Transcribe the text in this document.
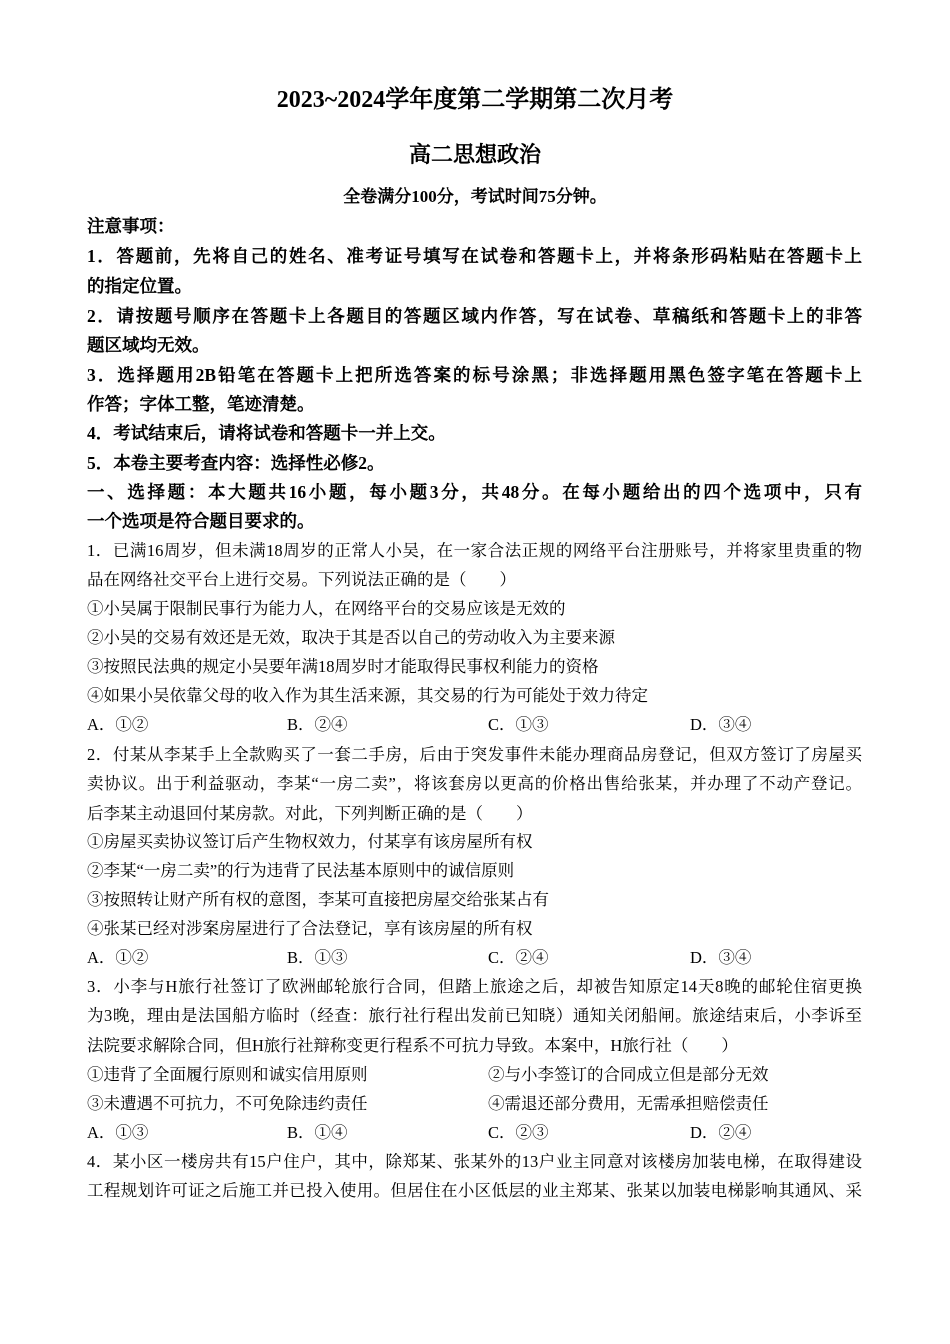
2023~2024学年度第二学期第二次月考
高二思想政治
全卷满分100分，考试时间75分钟。
注意事项：
1．答题前，先将自己的姓名、准考证号填写在试卷和答题卡上，并将条形码粘贴在答题卡上
的指定位置。
2．请按题号顺序在答题卡上各题目的答题区域内作答，写在试卷、草稿纸和答题卡上的非答
题区域均无效。
3．选择题用2B铅笔在答题卡上把所选答案的标号涂黑；非选择题用黑色签字笔在答题卡上
作答；字体工整，笔迹清楚。
4．考试结束后，请将试卷和答题卡一并上交。
5．本卷主要考查内容：选择性必修2。
一、选择题：本大题共16小题，每小题3分，共48分。在每小题给出的四个选项中，只有
一个选项是符合题目要求的。
1．已满16周岁，但未满18周岁的正常人小吴，在一家合法正规的网络平台注册账号，并将家里贵重的物
品在网络社交平台上进行交易。下列说法正确的是（　　）
①小吴属于限制民事行为能力人，在网络平台的交易应该是无效的
②小吴的交易有效还是无效，取决于其是否以自己的劳动收入为主要来源
③按照民法典的规定小吴要年满18周岁时才能取得民事权利能力的资格
④如果小吴依靠父母的收入作为其生活来源，其交易的行为可能处于效力待定
A．①②	B．②④	C．①③	D．③④
2．付某从李某手上全款购买了一套二手房，后由于突发事件未能办理商品房登记，但双方签订了房屋买
卖协议。出于利益驱动，李某“一房二卖”，将该套房以更高的价格出售给张某，并办理了不动产登记。
后李某主动退回付某房款。对此，下列判断正确的是（　　）
①房屋买卖协议签订后产生物权效力，付某享有该房屋所有权
②李某“一房二卖”的行为违背了民法基本原则中的诚信原则
③按照转让财产所有权的意图，李某可直接把房屋交给张某占有
④张某已经对涉案房屋进行了合法登记，享有该房屋的所有权
A．①②	B．①③	C．②④	D．③④
3．小李与H旅行社签订了欧洲邮轮旅行合同，但踏上旅途之后，却被告知原定14天8晚的邮轮住宿更换
为3晚，理由是法国船方临时（经查：旅行社行程出发前已知晓）通知关闭船闸。旅途结束后，小李诉至
法院要求解除合同，但H旅行社辩称变更行程系不可抗力导致。本案中，H旅行社（　　）
①违背了全面履行原则和诚实信用原则	②与小李签订的合同成立但是部分无效
③未遭遇不可抗力，不可免除违约责任	④需退还部分费用，无需承担赔偿责任
A．①③	B．①④	C．②③	D．②④
4．某小区一楼房共有15户住户，其中，除郑某、张某外的13户业主同意对该楼房加装电梯，在取得建设
工程规划许可证之后施工并已投入使用。但居住在小区低层的业主郑某、张某以加装电梯影响其通风、采
